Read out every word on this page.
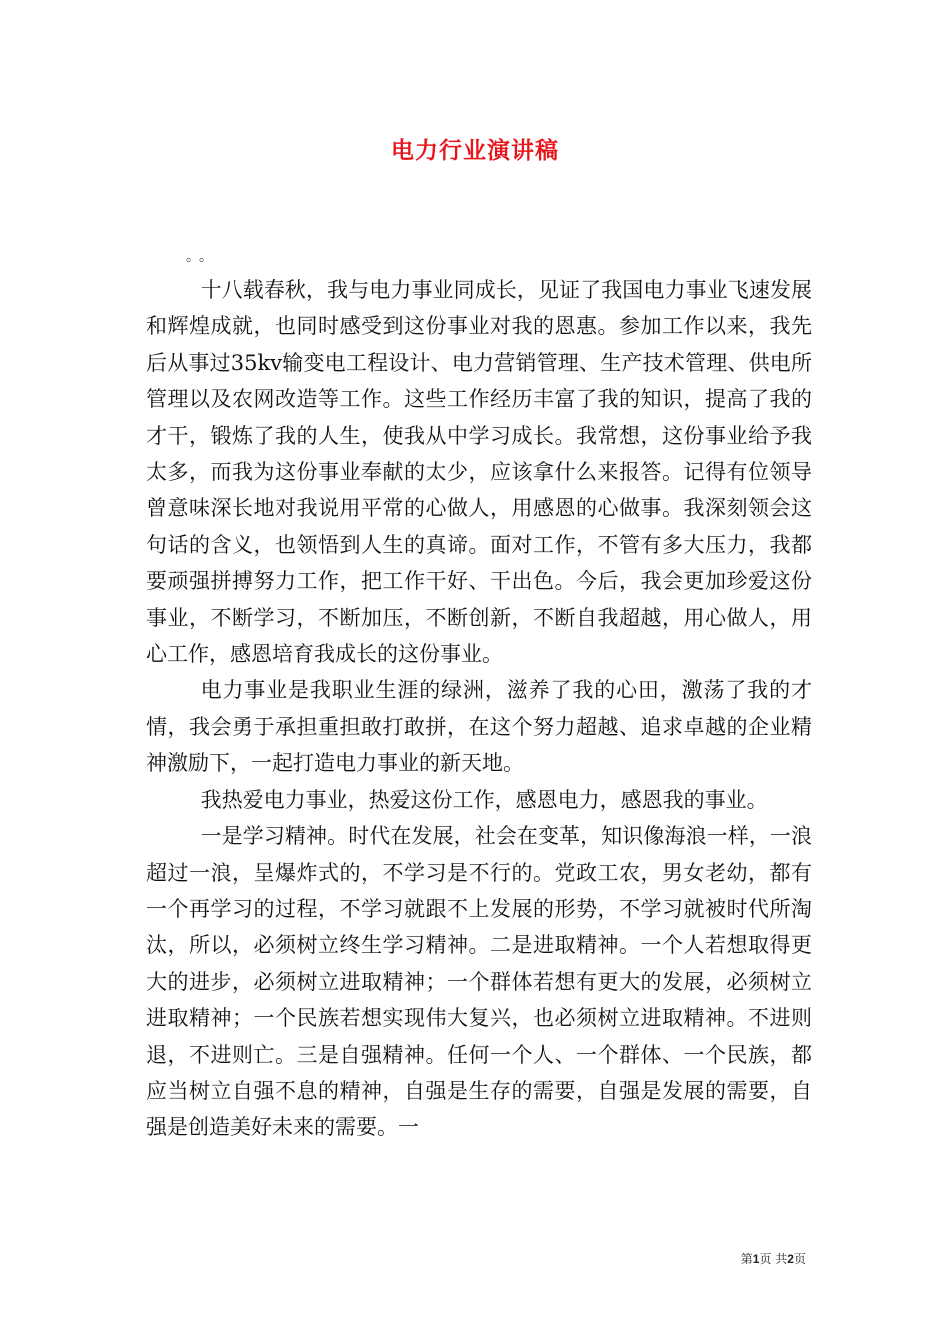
电力行业演讲稿

。。

十八载春秋，我与电力事业同成长，见证了我国电力事业飞速发展和辉煌成就，也同时感受到这份事业对我的恩惠。参加工作以来，我先后从事过35kv输变电工程设计、电力营销管理、生产技术管理、供电所管理以及农网改造等工作。这些工作经历丰富了我的知识，提高了我的才干，锻炼了我的人生，使我从中学习成长。我常想，这份事业给予我太多，而我为这份事业奉献的太少，应该拿什么来报答。记得有位领导曾意味深长地对我说用平常的心做人，用感恩的心做事。我深刻领会这句话的含义，也领悟到人生的真谛。面对工作，不管有多大压力，我都要顽强拼搏努力工作，把工作干好、干出色。今后，我会更加珍爱这份事业，不断学习，不断加压，不断创新，不断自我超越，用心做人，用心工作，感恩培育我成长的这份事业。

电力事业是我职业生涯的绿洲，滋养了我的心田，激荡了我的才情，我会勇于承担重担敢打敢拼，在这个努力超越、追求卓越的企业精神激励下，一起打造电力事业的新天地。

我热爱电力事业，热爱这份工作，感恩电力，感恩我的事业。

一是学习精神。时代在发展，社会在变革，知识像海浪一样，一浪超过一浪，呈爆炸式的，不学习是不行的。党政工农，男女老幼，都有一个再学习的过程，不学习就跟不上发展的形势，不学习就被时代所淘汰，所以，必须树立终生学习精神。二是进取精神。一个人若想取得更大的进步，必须树立进取精神；一个群体若想有更大的发展，必须树立进取精神；一个民族若想实现伟大复兴，也必须树立进取精神。不进则退，不进则亡。三是自强精神。任何一个人、一个群体、一个民族，都应当树立自强不息的精神，自强是生存的需要，自强是发展的需要，自强是创造美好未来的需要。一

第1页 共2页
